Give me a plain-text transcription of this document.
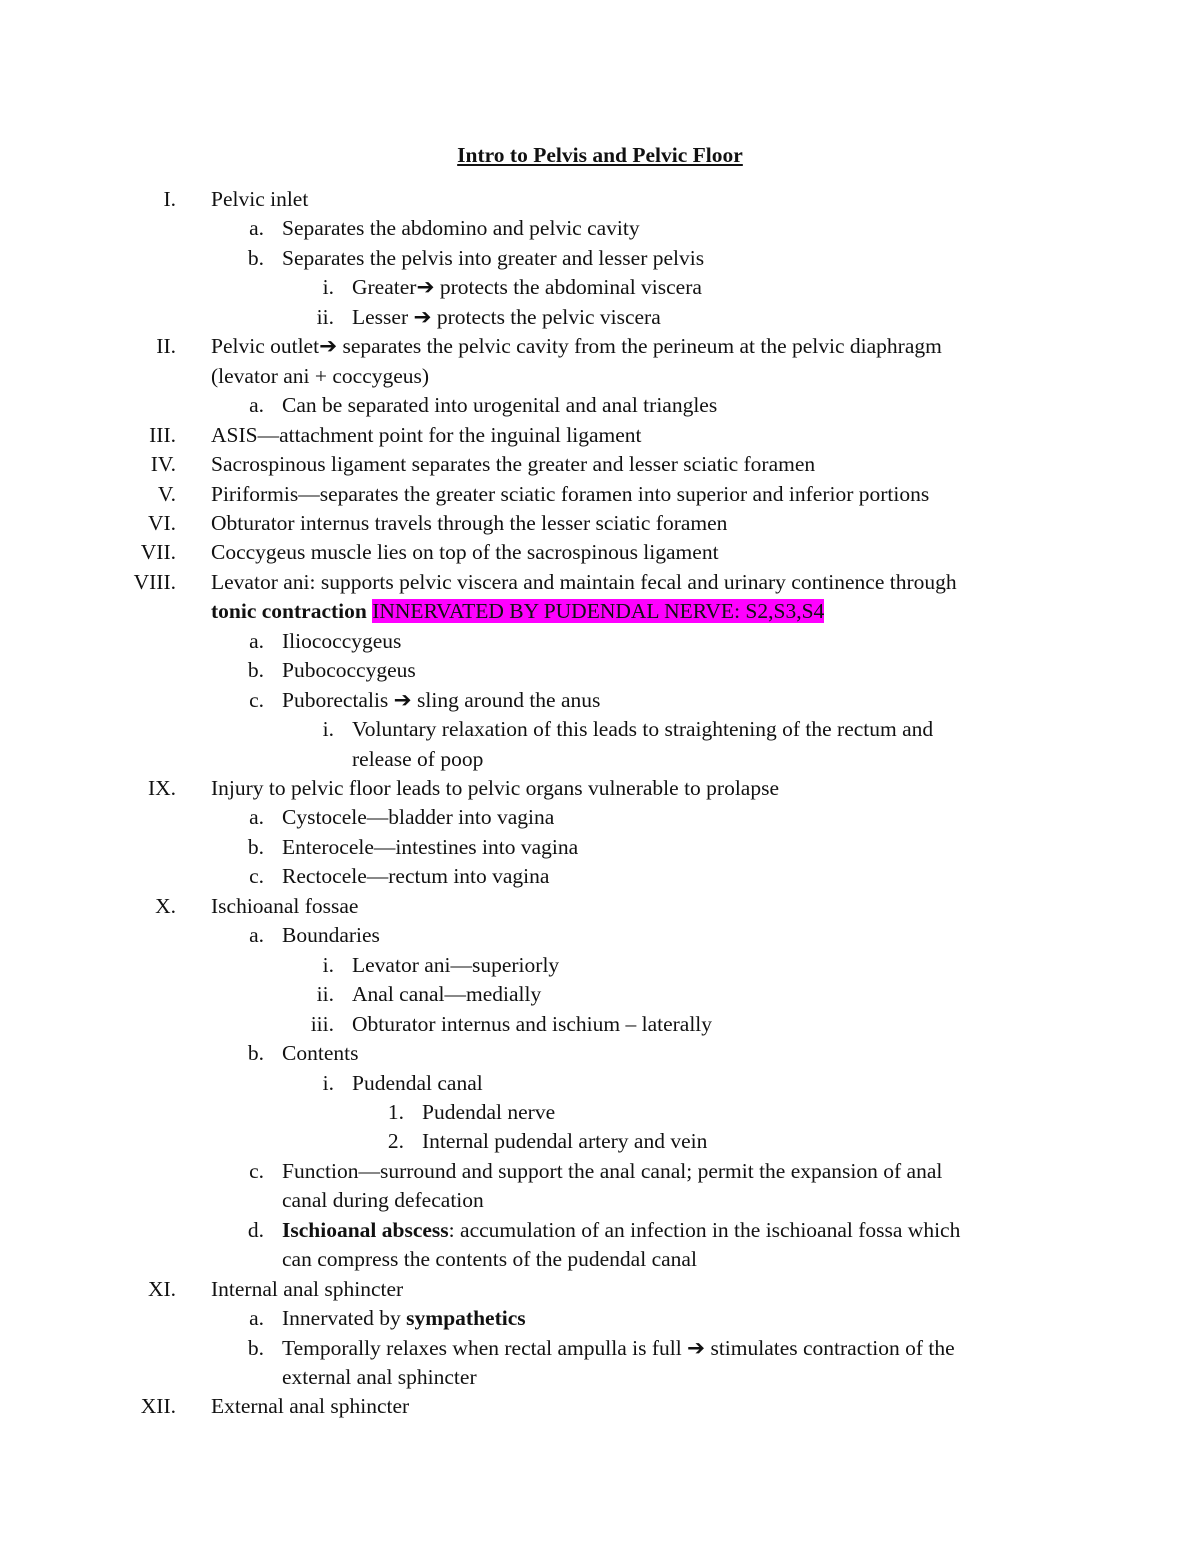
Intro to Pelvis and Pelvic Floor
I. Pelvic inlet
a. Separates the abdomino and pelvic cavity
b. Separates the pelvis into greater and lesser pelvis
i. Greater➔ protects the abdominal viscera
ii. Lesser ➔ protects the pelvic viscera
II. Pelvic outlet➔ separates the pelvic cavity from the perineum at the pelvic diaphragm
(levator ani + coccygeus)
a. Can be separated into urogenital and anal triangles
III. ASIS—attachment point for the inguinal ligament
IV. Sacrospinous ligament separates the greater and lesser sciatic foramen
V. Piriformis—separates the greater sciatic foramen into superior and inferior portions
VI. Obturator internus travels through the lesser sciatic foramen
VII. Coccygeus muscle lies on top of the sacrospinous ligament
VIII. Levator ani: supports pelvic viscera and maintain fecal and urinary continence through
tonic contraction INNERVATED BY PUDENDAL NERVE: S2,S3,S4
a. Iliococcygeus
b. Pubococcygeus
c. Puborectalis ➔ sling around the anus
i. Voluntary relaxation of this leads to straightening of the rectum and
release of poop
IX. Injury to pelvic floor leads to pelvic organs vulnerable to prolapse
a. Cystocele—bladder into vagina
b. Enterocele—intestines into vagina
c. Rectocele—rectum into vagina
X. Ischioanal fossae
a. Boundaries
i. Levator ani—superiorly
ii. Anal canal—medially
iii. Obturator internus and ischium – laterally
b. Contents
i. Pudendal canal
1. Pudendal nerve
2. Internal pudendal artery and vein
c. Function—surround and support the anal canal; permit the expansion of anal
canal during defecation
d. Ischioanal abscess: accumulation of an infection in the ischioanal fossa which
can compress the contents of the pudendal canal
XI. Internal anal sphincter
a. Innervated by sympathetics
b. Temporally relaxes when rectal ampulla is full ➔ stimulates contraction of the
external anal sphincter
XII. External anal sphincter
